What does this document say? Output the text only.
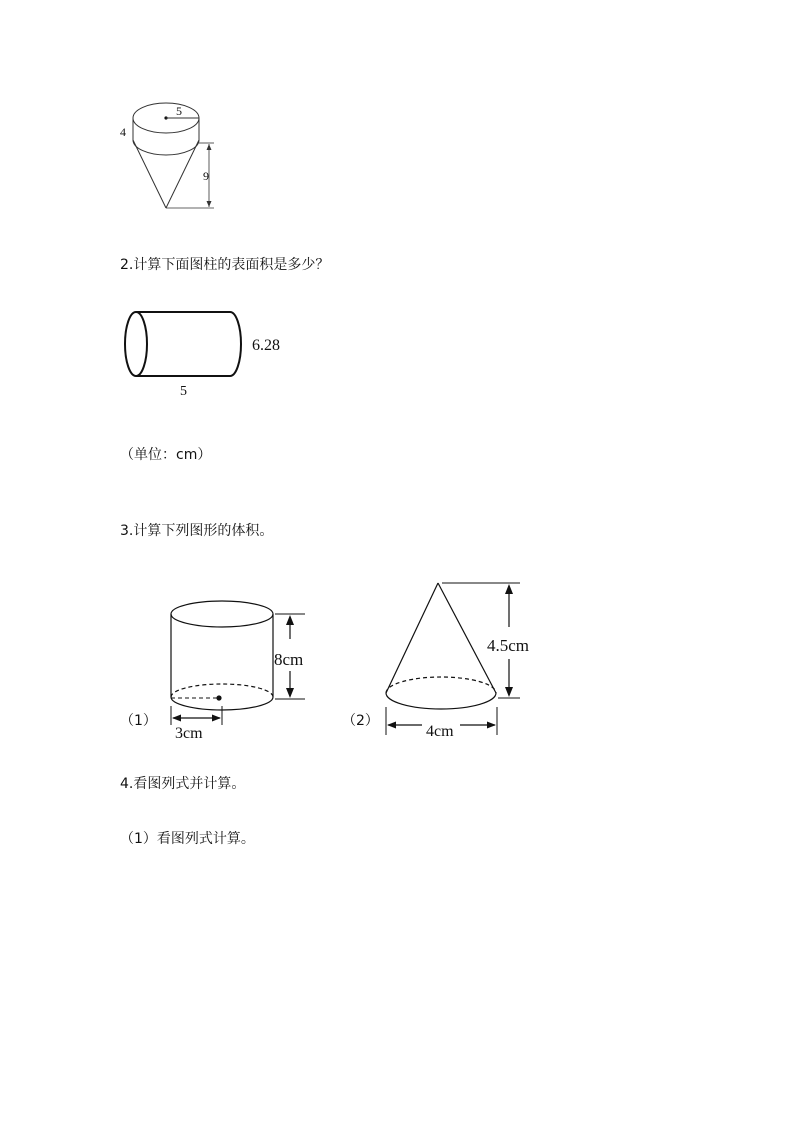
5
4
9
2.计算下面图柱的表面积是多少？
6.28
5
（单位：cm）
3.计算下列图形的体积。
8cm
3cm
（1）
4.5cm
4cm
（2）
4.看图列式并计算。
（1）看图列式计算。
